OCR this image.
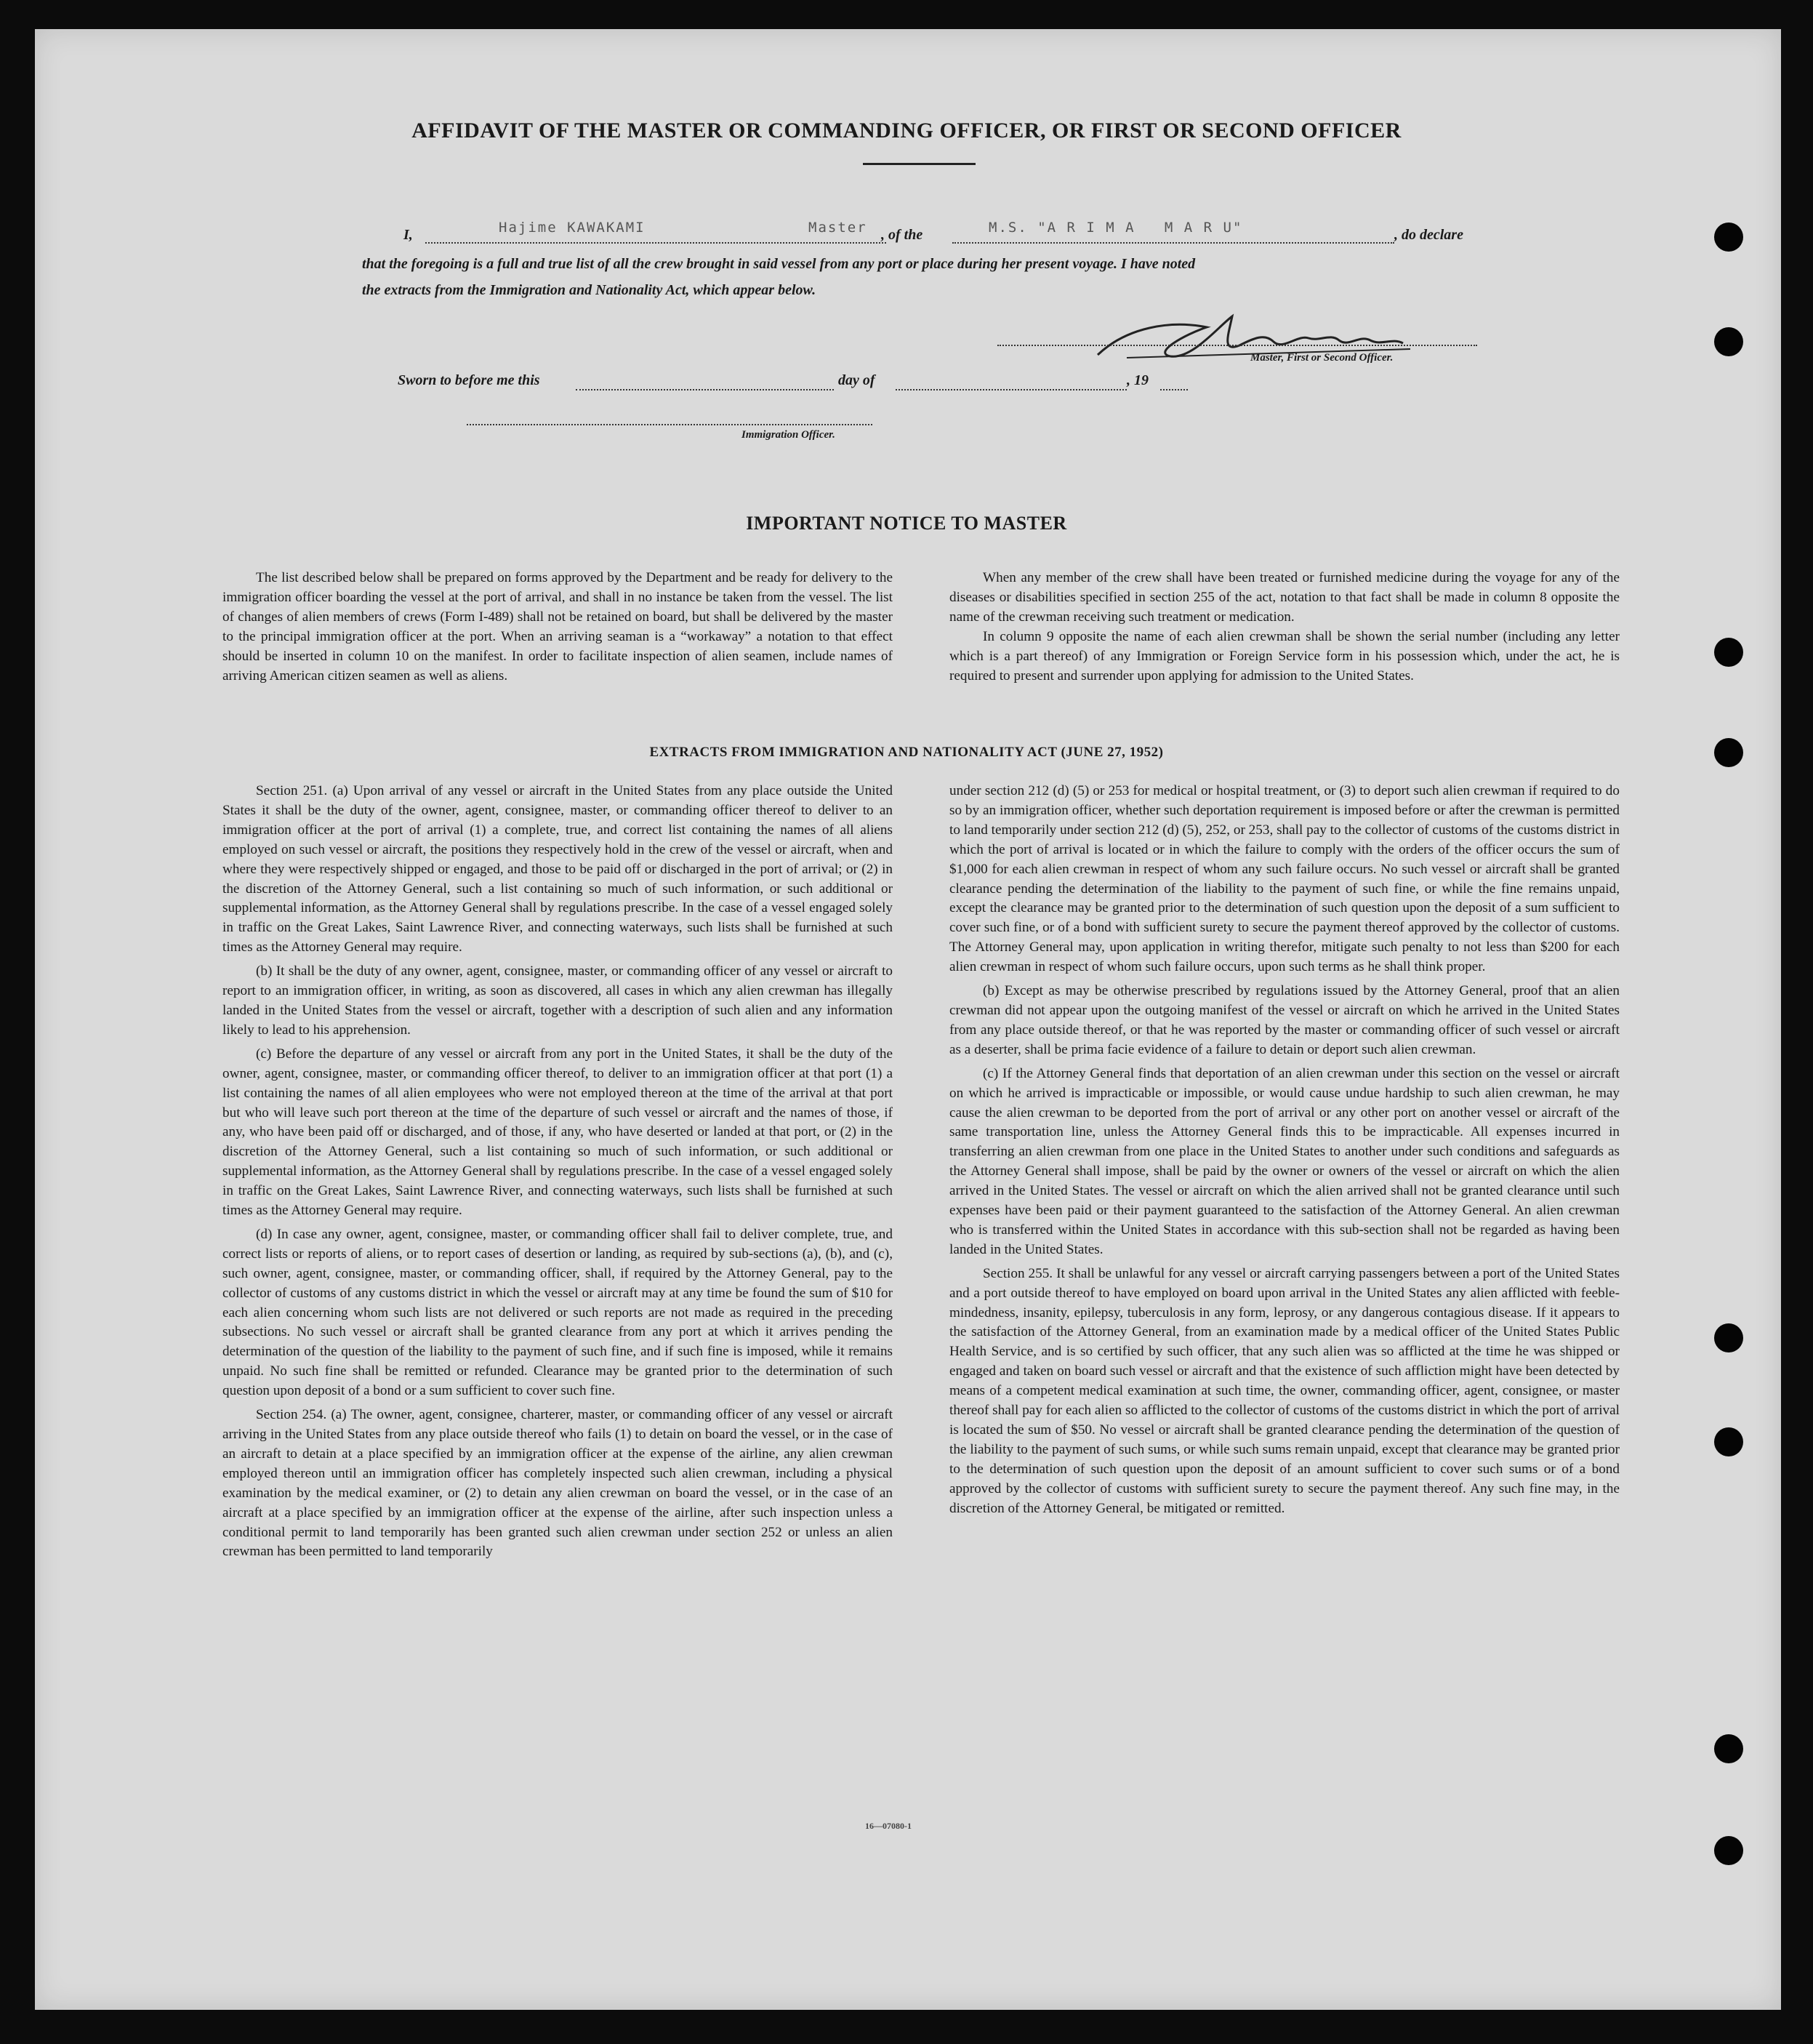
AFFIDAVIT OF THE MASTER OR COMMANDING OFFICER, OR FIRST OR SECOND OFFICER
I,	Hajime KAWAKAMI	Master , of the	M.S. "A R I M A   M A R U"	, do declare
that the foregoing is a full and true list of all the crew brought in said vessel from any port or place during her present voyage. I have noted
the extracts from the Immigration and Nationality Act, which appear below.
Master, First or Second Officer.
Sworn to before me this	day of	, 19
Immigration Officer.
IMPORTANT NOTICE TO MASTER

The list described below shall be prepared on forms approved by the Department and be ready for delivery to the immigration officer boarding the vessel at the port of arrival, and shall in no instance be taken from the vessel. The list of changes of alien members of crews (Form I-489) shall not be retained on board, but shall be delivered by the master to the principal immigration officer at the port. When an arriving seaman is a “workaway” a notation to that effect should be inserted in column 10 on the manifest. In order to facilitate inspection of alien seamen, include names of arriving American citizen seamen as well as aliens.

When any member of the crew shall have been treated or furnished medicine during the voyage for any of the diseases or disabilities specified in section 255 of the act, notation to that fact shall be made in column 8 opposite the name of the crewman receiving such treatment or medication.

In column 9 opposite the name of each alien crewman shall be shown the serial number (including any letter which is a part thereof) of any Immigration or Foreign Service form in his possession which, under the act, he is required to present and surrender upon applying for admission to the United States.

EXTRACTS FROM IMMIGRATION AND NATIONALITY ACT (JUNE 27, 1952)

Section 251. (a) Upon arrival of any vessel or aircraft in the United States from any place outside the United States it shall be the duty of the owner, agent, consignee, master, or commanding officer thereof to deliver to an immigration officer at the port of arrival (1) a complete, true, and correct list containing the names of all aliens employed on such vessel or aircraft, the positions they respectively hold in the crew of the vessel or aircraft, when and where they were respectively shipped or engaged, and those to be paid off or discharged in the port of arrival; or (2) in the discretion of the Attorney General, such a list containing so much of such information, or such additional or supplemental information, as the Attorney General shall by regulations prescribe. In the case of a vessel engaged solely in traffic on the Great Lakes, Saint Lawrence River, and connecting waterways, such lists shall be furnished at such times as the Attorney General may require.

(b) It shall be the duty of any owner, agent, consignee, master, or commanding officer of any vessel or aircraft to report to an immigration officer, in writing, as soon as discovered, all cases in which any alien crewman has illegally landed in the United States from the vessel or aircraft, together with a description of such alien and any information likely to lead to his apprehension.

(c) Before the departure of any vessel or aircraft from any port in the United States, it shall be the duty of the owner, agent, consignee, master, or commanding officer thereof, to deliver to an immigration officer at that port (1) a list containing the names of all alien employees who were not employed thereon at the time of the arrival at that port but who will leave such port thereon at the time of the departure of such vessel or aircraft and the names of those, if any, who have been paid off or discharged, and of those, if any, who have deserted or landed at that port, or (2) in the discretion of the Attorney General, such a list containing so much of such information, or such additional or supplemental information, as the Attorney General shall by regulations prescribe. In the case of a vessel engaged solely in traffic on the Great Lakes, Saint Lawrence River, and connecting waterways, such lists shall be furnished at such times as the Attorney General may require.

(d) In case any owner, agent, consignee, master, or commanding officer shall fail to deliver complete, true, and correct lists or reports of aliens, or to report cases of desertion or landing, as required by sub-sections (a), (b), and (c), such owner, agent, consignee, master, or commanding officer, shall, if required by the Attorney General, pay to the collector of customs of any customs district in which the vessel or aircraft may at any time be found the sum of $10 for each alien concerning whom such lists are not delivered or such reports are not made as required in the preceding subsections. No such vessel or aircraft shall be granted clearance from any port at which it arrives pending the determination of the question of the liability to the payment of such fine, and if such fine is imposed, while it remains unpaid. No such fine shall be remitted or refunded. Clearance may be granted prior to the determination of such question upon deposit of a bond or a sum sufficient to cover such fine.

Section 254. (a) The owner, agent, consignee, charterer, master, or commanding officer of any vessel or aircraft arriving in the United States from any place outside thereof who fails (1) to detain on board the vessel, or in the case of an aircraft to detain at a place specified by an immigration officer at the expense of the airline, any alien crewman employed thereon until an immigration officer has completely inspected such alien crewman, including a physical examination by the medical examiner, or (2) to detain any alien crewman on board the vessel, or in the case of an aircraft at a place specified by an immigration officer at the expense of the airline, after such inspection unless a conditional permit to land temporarily has been granted such alien crewman under section 252 or unless an alien crewman has been permitted to land temporarily

under section 212 (d) (5) or 253 for medical or hospital treatment, or (3) to deport such alien crewman if required to do so by an immigration officer, whether such deportation requirement is imposed before or after the crewman is permitted to land temporarily under section 212 (d) (5), 252, or 253, shall pay to the collector of customs of the customs district in which the port of arrival is located or in which the failure to comply with the orders of the officer occurs the sum of $1,000 for each alien crewman in respect of whom any such failure occurs. No such vessel or aircraft shall be granted clearance pending the determination of the liability to the payment of such fine, or while the fine remains unpaid, except the clearance may be granted prior to the determination of such question upon the deposit of a sum sufficient to cover such fine, or of a bond with sufficient surety to secure the payment thereof approved by the collector of customs. The Attorney General may, upon application in writing therefor, mitigate such penalty to not less than $200 for each alien crewman in respect of whom such failure occurs, upon such terms as he shall think proper.

(b) Except as may be otherwise prescribed by regulations issued by the Attorney General, proof that an alien crewman did not appear upon the outgoing manifest of the vessel or aircraft on which he arrived in the United States from any place outside thereof, or that he was reported by the master or commanding officer of such vessel or aircraft as a deserter, shall be prima facie evidence of a failure to detain or deport such alien crewman.

(c) If the Attorney General finds that deportation of an alien crewman under this section on the vessel or aircraft on which he arrived is impracticable or impossible, or would cause undue hardship to such alien crewman, he may cause the alien crewman to be deported from the port of arrival or any other port on another vessel or aircraft of the same transportation line, unless the Attorney General finds this to be impracticable. All expenses incurred in transferring an alien crewman from one place in the United States to another under such conditions and safeguards as the Attorney General shall impose, shall be paid by the owner or owners of the vessel or aircraft on which the alien arrived in the United States. The vessel or aircraft on which the alien arrived shall not be granted clearance until such expenses have been paid or their payment guaranteed to the satisfaction of the Attorney General. An alien crewman who is transferred within the United States in accordance with this sub-section shall not be regarded as having been landed in the United States.

Section 255. It shall be unlawful for any vessel or aircraft carrying passengers between a port of the United States and a port outside thereof to have employed on board upon arrival in the United States any alien afflicted with feeble-mindedness, insanity, epilepsy, tuberculosis in any form, leprosy, or any dangerous contagious disease. If it appears to the satisfaction of the Attorney General, from an examination made by a medical officer of the United States Public Health Service, and is so certified by such officer, that any such alien was so afflicted at the time he was shipped or engaged and taken on board such vessel or aircraft and that the existence of such affliction might have been detected by means of a competent medical examination at such time, the owner, commanding officer, agent, consignee, or master thereof shall pay for each alien so afflicted to the collector of customs of the customs district in which the port of arrival is located the sum of $50. No vessel or aircraft shall be granted clearance pending the determination of the question of the liability to the payment of such sums, or while such sums remain unpaid, except that clearance may be granted prior to the determination of such question upon the deposit of an amount sufficient to cover such sums or of a bond approved by the collector of customs with sufficient surety to secure the payment thereof. Any such fine may, in the discretion of the Attorney General, be mitigated or remitted.

16—07080-1
